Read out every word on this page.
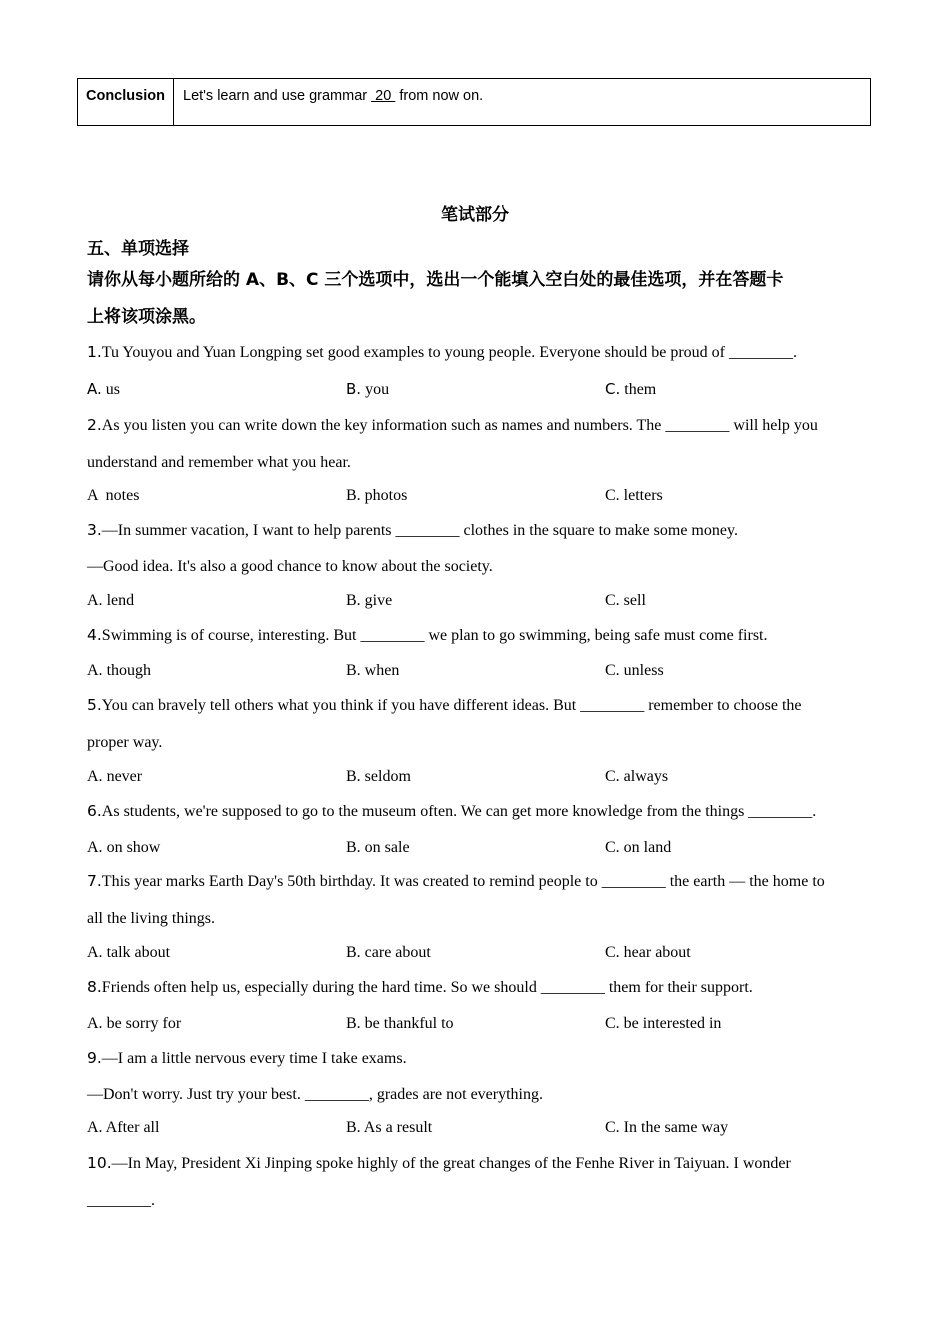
Conclusion	Let's learn and use grammar  20  from now on.
笔试部分
五、单项选择
请你从每小题所给的 A、B、C 三个选项中，选出一个能填入空白处的最佳选项，并在答题卡
上将该项涂黑。
1.Tu Youyou and Yuan Longping set good examples to young people. Everyone should be proud of ________.
A. us	B. you	C. them
2.As you listen you can write down the key information such as names and numbers. The ________ will help you
understand and remember what you hear.
A  notes	B. photos	C. letters
3.—In summer vacation, I want to help parents ________ clothes in the square to make some money.
—Good idea. It's also a good chance to know about the society.
A. lend	B. give	C. sell
4.Swimming is of course, interesting. But ________ we plan to go swimming, being safe must come first.
A. though	B. when	C. unless
5.You can bravely tell others what you think if you have different ideas. But ________ remember to choose the
proper way.
A. never	B. seldom	C. always
6.As students, we're supposed to go to the museum often. We can get more knowledge from the things ________.
A. on show	B. on sale	C. on land
7.This year marks Earth Day's 50th birthday. It was created to remind people to ________ the earth — the home to
all the living things.
A. talk about	B. care about	C. hear about
8.Friends often help us, especially during the hard time. So we should ________ them for their support.
A. be sorry for	B. be thankful to	C. be interested in
9.—I am a little nervous every time I take exams.
—Don't worry. Just try your best. ________, grades are not everything.
A. After all	B. As a result	C. In the same way
10.—In May, President Xi Jinping spoke highly of the great changes of the Fenhe River in Taiyuan. I wonder
________.
